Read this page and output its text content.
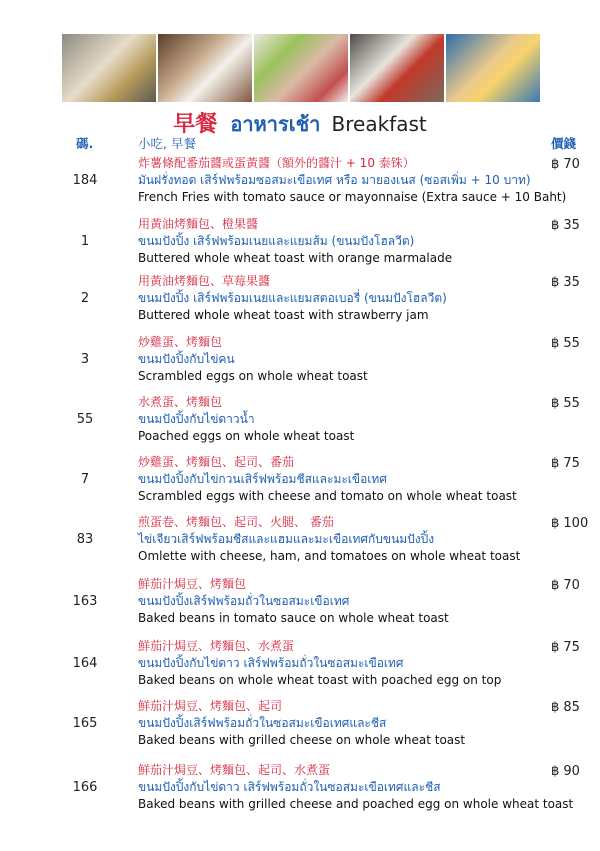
早餐 อาหารเช้า Breakfast
碼.	小吃, 早餐	價錢
184
炸薯條配番茄醬或蛋黃醬（額外的醬汁 + 10 泰铢）
มันฝรั่งทอด เสิร์ฟพร้อมซอสมะเขือเทศ หรือ มายองเนส (ซอสเพิ่ม + 10 บาท)
French Fries with tomato sauce or mayonnaise (Extra sauce + 10 Baht)
฿ 70
1
用黃油烤麵包、橙果醬
ขนมปังปิ้ง เสิร์ฟพร้อมเนยและแยมส้ม (ขนมปังโฮลวีต)
Buttered whole wheat toast with orange marmalade
฿ 35
2
用黃油烤麵包、草莓果醬
ขนมปังปิ้ง เสิร์ฟพร้อมเนยและแยมสตอเบอรี่ (ขนมปังโฮลวีต)
Buttered whole wheat toast with strawberry jam
฿ 35
3
炒雞蛋、烤麵包
ขนมปังปิ้งกับไข่คน
Scrambled eggs on whole wheat toast
฿ 55
55
水煮蛋、烤麵包
ขนมปังปิ้งกับไข่ดาวน้ำ
Poached eggs on whole wheat toast
฿ 55
7
炒雞蛋、烤麵包、起司、番茄
ขนมปังปิ้งกับไข่กวนเสิร์ฟพร้อมชีสและมะเขือเทศ
Scrambled eggs with cheese and tomato on whole wheat toast
฿ 75
83
煎蛋卷、烤麵包、起司、火腿、 番茄
ไข่เจียวเสิร์ฟพร้อมชีสและแฮมและมะเขือเทศกับขนมปังปิ้ง
Omlette with cheese, ham, and tomatoes on whole wheat toast
฿ 100
163
鮮茄汁焗豆、烤麵包
ขนมปังปิ้งเสิร์ฟพร้อมถั่วในซอสมะเขือเทศ
Baked beans in tomato sauce on whole wheat toast
฿ 70
164
鮮茄汁焗豆、烤麵包、水煮蛋
ขนมปังปิ้งกับไข่ดาว เสิร์ฟพร้อมถั่วในซอสมะเขือเทศ
Baked beans on whole wheat toast with poached egg on top
฿ 75
165
鮮茄汁焗豆、烤麵包、起司
ขนมปังปิ้งเสิร์ฟพร้อมถั่วในซอสมะเขือเทศและชีส
Baked beans with grilled cheese on whole wheat toast
฿ 85
166
鮮茄汁焗豆、烤麵包、起司、水煮蛋
ขนมปังปิ้งกับไข่ดาว เสิร์ฟพร้อมถั่วในซอสมะเขือเทศและชีส
Baked beans with grilled cheese and poached egg on whole wheat toast
฿ 90
